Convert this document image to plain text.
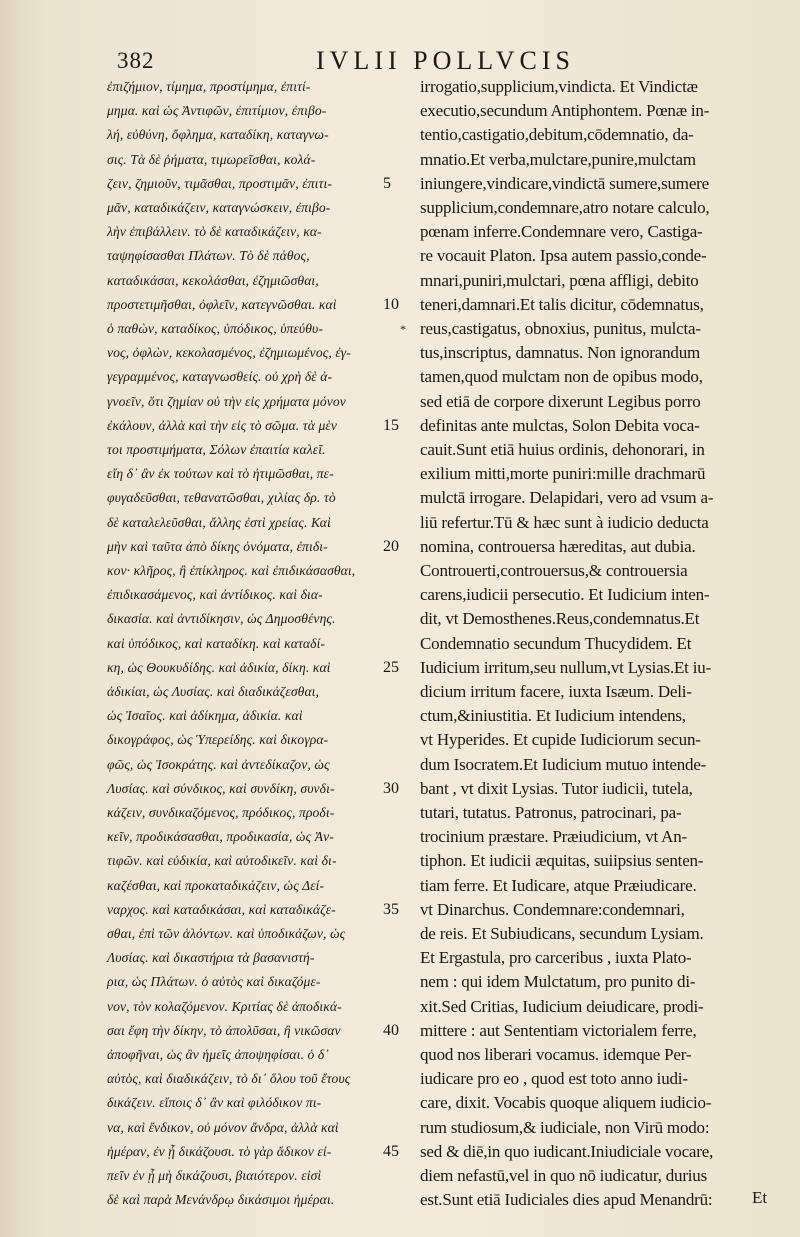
382	IVLII POLLVCIS
ἐπιζήμιον, τίμημα, προστίμημα, ἐπιτί-
μημα. καὶ ὡς Ἀντιφῶν, ἐπιτίμιον, ἐπιβο-
λή, εὐθύνη, ὄφλημα, καταδίκη, καταγνω-
σις. Τὰ δὲ ῥήματα, τιμωρεῖσθαι, κολά-
ζειν, ζημιοῦν, τιμᾶσθαι, προστιμᾶν, ἐπιτι-
μᾶν, καταδικάζειν, καταγνώσκειν, ἐπιβο-
λὴν ἐπιβάλλειν. τὸ δὲ καταδικάζειν, κα-
ταψηφίσασθαι Πλάτων. Τὸ δὲ πάθος,
καταδικάσαι, κεκολάσθαι, ἐζημιῶσθαι,
προστετιμῆσθαι, ὀφλεῖν, κατεγνῶσθαι. καὶ
ὁ παθὼν, καταδίκος, ὑπόδικος, ὑπεύθυ-
νος, ὀφλὼν, κεκολασμένος, ἐζημιωμένος, ἐγ-
γεγραμμένος, καταγνωσθείς. οὐ χρὴ δὲ ἀ-
γνοεῖν, ὅτι ζημίαν οὐ τὴν εἰς χρήματα μόνον
ἐκάλουν, ἀλλὰ καὶ τὴν εἰς τὸ σῶμα. τὰ μὲν
τοι προστιμήματα, Σόλων ἐπαιτία καλεῖ.
εἴη δ᾽ ἂν ἐκ τούτων καὶ τὸ ἠτιμῶσθαι, πε-
φυγαδεῦσθαι, τεθανατῶσθαι, χιλίας δρ. τὸ
δὲ καταλελεῦσθαι, ἄλλης ἐστὶ χρείας. Καὶ
μὴν καὶ ταῦτα ἀπὸ δίκης ὀνόματα, ἐπιδι-
κον· κλῆρος, ἢ ἐπίκληρος. καὶ ἐπιδικάσασθαι,
ἐπιδικασάμενος, καὶ ἀντίδικος. καὶ δια-
δικασία. καὶ ἀντιδίκησιν, ὡς Δημοσθένης.
καὶ ὑπόδικος, καὶ καταδίκη. καὶ καταδί-
κη, ὡς Θουκυδίδης. καὶ ἀδικία, δίκη. καὶ
ἀδικίαι, ὡς Λυσίας. καὶ διαδικάζεσθαι,
ὡς Ἰσαῖος. καὶ ἀδίκημα, ἀδικία. καὶ
δικογράφος, ὡς Ὑπερείδης. καὶ δικογρα-
φῶς, ὡς Ἰσοκράτης. καὶ ἀντεδίκαζον, ὡς
Λυσίας. καὶ σύνδικος, καὶ συνδίκη, συνδι-
κάζειν, συνδικαζόμενος, πρόδικος, προδι-
κεῖν, προδικάσασθαι, προδικασία, ὡς Ἀν-
τιφῶν. καὶ εὐδικία, καὶ αὐτοδικεῖν. καὶ δι-
καζέσθαι, καὶ προκαταδικάζειν, ὡς Δεί-
ναρχος. καὶ καταδικάσαι, καὶ καταδικάζε-
σθαι, ἐπὶ τῶν ἁλόντων. καὶ ὑποδικάζων, ὡς
Λυσίας. καὶ δικαστήρια τὰ βασανιστή-
ρια, ὡς Πλάτων. ὁ αὐτὸς καὶ δικαζόμε-
νον, τὸν κολαζόμενον. Κριτίας δὲ ἀποδικά-
σαι ἔφη τὴν δίκην, τὸ ἀπολῦσαι, ἢ νικῶσαν
ἀποφῆναι, ὡς ἂν ἡμεῖς ἀποψηφίσαι. ὁ δ᾽
αὐτὸς, καὶ διαδικάζειν, τὸ δι᾽ ὅλου τοῦ ἔτους
δικάζειν. εἴποις δ᾽ ἂν καὶ φιλόδικον πι-
να, καὶ ἔνδικον, οὐ μόνον ἄνδρα, ἀλλὰ καὶ
ἡμέραν, ἐν ᾗ δικάζουσι. τὸ γὰρ ἄδικον εἰ-
πεῖν ἐν ᾗ μὴ δικάζουσι, βιαιότερον. εἰσὶ
δὲ καὶ παρὰ Μενάνδρῳ δικάσιμοι ἡμέραι.
5
10
15
20
25
30
35
40
45
*
irrogatio,supplicium,vindicta. Et Vindictæ
executio,secundum Antiphontem. Pœnæ in-
tentio,castigatio,debitum,cōdemnatio, da-
mnatio.Et verba,mulctare,punire,mulctam
iniungere,vindicare,vindictā sumere,sumere
supplicium,condemnare,atro notare calculo,
pœnam inferre.Condemnare vero, Castiga-
re vocauit Platon. Ipsa autem passio,conde-
mnari,puniri,mulctari, pœna affligi, debito
teneri,damnari.Et talis dicitur, cōdemnatus,
reus,castigatus, obnoxius, punitus, mulcta-
tus,inscriptus, damnatus. Non ignorandum
tamen,quod mulctam non de opibus modo,
sed etiā de corpore dixerunt Legibus porro
definitas ante mulctas, Solon Debita voca-
cauit.Sunt etiā huius ordinis, dehonorari, in
exilium mitti,morte puniri:mille drachmarū
mulctā irrogare. Delapidari, vero ad vsum a-
liū refertur.Tū & hæc sunt à iudicio deducta
nomina, controuersa hæreditas, aut dubia.
Controuerti,controuersus,& controuersia
carens,iudicii persecutio. Et Iudicium inten-
dit, vt Demosthenes.Reus,condemnatus.Et
Condemnatio secundum Thucydidem. Et
Iudicium irritum,seu nullum,vt Lysias.Et iu-
dicium irritum facere, iuxta Isæum. Deli-
ctum,&iniustitia. Et Iudicium intendens,
vt Hyperides. Et cupide Iudiciorum secun-
dum Isocratem.Et Iudicium mutuo intende-
bant , vt dixit Lysias. Tutor iudicii, tutela,
tutari, tutatus. Patronus, patrocinari, pa-
trocinium præstare. Præiudicium, vt An-
tiphon. Et iudicii æquitas, suiipsius senten-
tiam ferre. Et Iudicare, atque Præiudicare.
vt Dinarchus. Condemnare:condemnari,
de reis. Et Subiudicans, secundum Lysiam.
Et Ergastula, pro carceribus , iuxta Plato-
nem : qui idem Mulctatum, pro punito di-
xit.Sed Critias, Iudicium deiudicare, prodi-
mittere : aut Sententiam victorialem ferre,
quod nos liberari vocamus. idemque Per-
iudicare pro eo , quod est toto anno iudi-
care, dixit. Vocabis quoque aliquem iudicio-
rum studiosum,& iudiciale, non Virū modo:
sed & diē,in quo iudicant.Iniudiciale vocare,
diem nefastū,vel in quo nō iudicatur, durius
est.Sunt etiā Iudiciales dies apud Menandrū: Et
